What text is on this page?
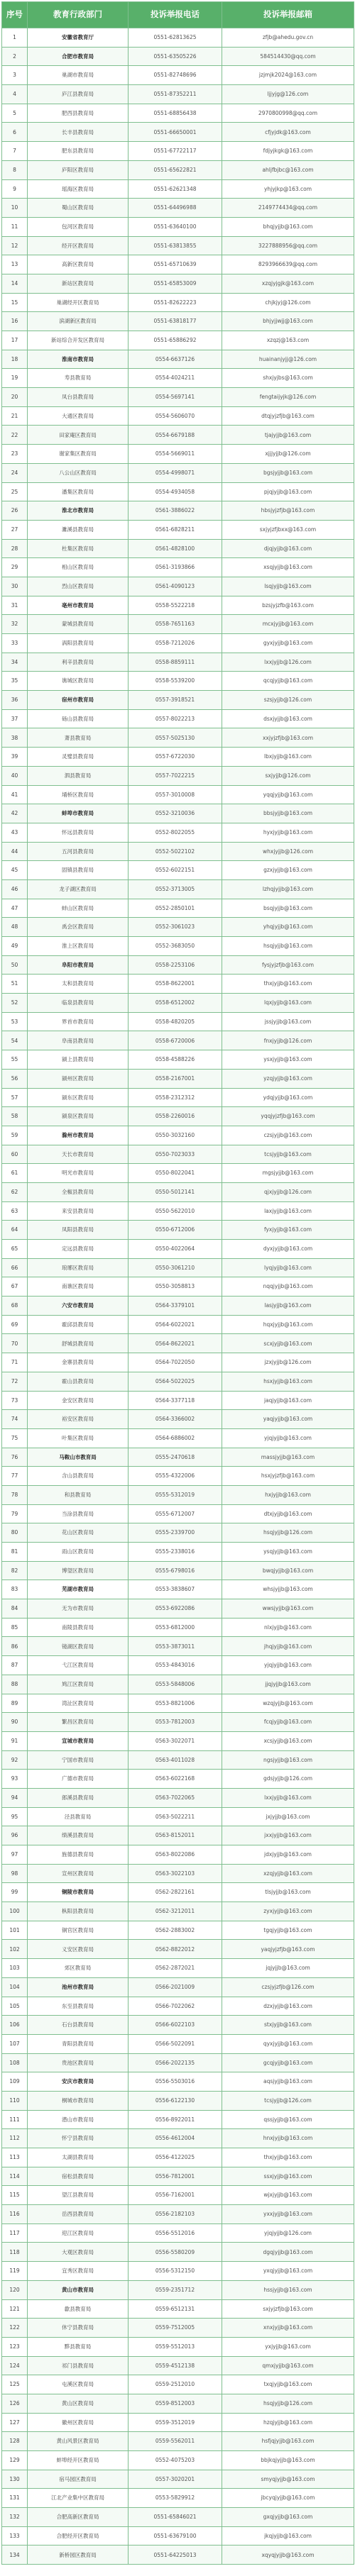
序号	教育行政部门	投诉举报电话	投诉举报邮箱
1	安徽省教育厅	0551-62813625	zfjb@ahedu.gov.cn
2	合肥市教育局	0551-63505226	584514430@qq.com
3	巢湖市教育局	0551-82748696	jzjmjk2024@163.com
4	庐江县教育局	0551-87352211	ljjyjg@126.com
5	肥西县教育局	0551-68856438	2970800998@qq.com
6	长丰县教育局	0551-66650001	cfjyjdk@163.com
7	肥东县教育局	0551-67722117	fdjyjkgk@163.com
8	庐阳区教育局	0551-65622821	ahljfbjbc@163.com
9	瑶海区教育局	0551-62621348	yhjyjkp@163.com
10	蜀山区教育局	0551-64496988	2149774434@qq.com
11	包河区教育局	0551-63640100	bhqjyjjb@163.com
12	经开区教育局	0551-63813855	3227888956@qq.com
13	高新区教育局	0551-65710639	8293966639@qq.com
14	新站区教育局	0551-65853009	xzqjyjgjk@163.com
15	巢湖经开区教育局	0551-82622223	chjkjyj@126.com
16	滨湖新区教育局	0551-63818177	bhjyjjwjj@163.com
17	新站综合开发区教育局	0551-65886292	xzqzj@163.com
18	淮南市教育局	0554-6637126	huainanjyjj@126.com
19	寿县教育局	0554-4024211	shxjyjbs@163.com
20	凤台县教育局	0554-5697141	fengtaijyjk@126.com
21	大通区教育局	0554-5606070	dtqjyjzfjb@163.com
22	田家庵区教育局	0554-6679188	tjajyjjb@163.com
23	谢家集区教育局	0554-5669011	xjjjyjjb@126.com
24	八公山区教育局	0554-4998071	bgsjyjjb@163.com
25	潘集区教育局	0554-4934058	pjqjyjjb@163.com
26	淮北市教育局	0561-3886022	hbsjyjzfjb@163.com
27	濉溪县教育局	0561-6828211	sxjyjzfjbxx@163.com
28	杜集区教育局	0561-4828100	djqjyjjb@163.com
29	相山区教育局	0561-3193866	xsqjyjjb@163.com
30	烈山区教育局	0561-4090123	lsqjyjjb@163.com
31	亳州市教育局	0558-5522218	bzsjyjzfb@163.com
32	蒙城县教育局	0558-7651163	mcxjyjjb@163.com
33	涡阳县教育局	0558-7212026	gyxjyjjb@163.com
34	利辛县教育局	0558-8859111	lxxjyjjb@126.com
35	谯城区教育局	0558-5539200	qcqjyjjb@163.com
36	宿州市教育局	0557-3918521	szsjyjjb@126.com
37	砀山县教育局	0557-8022213	dsxjyjjb@163.com
38	萧县教育局	0557-5025130	xxjyjzfjb@163.com
39	灵璧县教育局	0557-6722030	lbxjyjjb@163.com
40	泗县教育局	0557-7022215	sxjyjjb@126.com
41	埇桥区教育局	0557-3010008	yqqjyjjb@163.com
42	蚌埠市教育局	0552-3210036	bbsjyjjb@163.com
43	怀远县教育局	0552-8022055	hyxjyjjb@163.com
44	五河县教育局	0552-5022102	whxjyjjb@126.com
45	固镇县教育局	0552-6022151	gzxjyjjb@163.com
46	龙子湖区教育局	0552-3713005	lzhqjyjjb@163.com
47	蚌山区教育局	0552-2850101	bsqjyjjb@163.com
48	禹会区教育局	0552-3061023	yhqjyjjb@163.com
49	淮上区教育局	0552-3683050	hsqjyjjb@163.com
50	阜阳市教育局	0558-2253106	fysjyjzfjb@163.com
51	太和县教育局	0558-8622001	thxjyjjb@163.com
52	临泉县教育局	0558-6512002	lqxjyjjb@163.com
53	界首市教育局	0558-4820205	jssjyjjb@163.com
54	阜南县教育局	0558-6720006	fnxjyjjb@126.com
55	颍上县教育局	0558-4588226	ysxjyjjb@163.com
56	颍州区教育局	0558-2167001	yzqjyjjb@163.com
57	颍东区教育局	0558-2312312	ydqjyjjb@163.com
58	颍泉区教育局	0558-2260016	yqqjyjzfjb@163.com
59	滁州市教育局	0550-3032160	czsjyjjb@163.com
60	天长市教育局	0550-7023033	tcsjyjjb@163.com
61	明光市教育局	0550-8022041	mgsjyjjb@163.com
62	全椒县教育局	0550-5012141	qjxjyjjb@126.com
63	来安县教育局	0550-5622010	laxjyjjb@163.com
64	凤阳县教育局	0550-6712006	fyxjyjjb@163.com
65	定远县教育局	0550-4022064	dyxjyjjb@163.com
66	琅琊区教育局	0550-3061210	lyqjyjjb@163.com
67	南谯区教育局	0550-3058813	nqqjyjjb@163.com
68	六安市教育局	0564-3379101	lasjyjjb@163.com
69	霍邱县教育局	0564-6022021	hqxjyjjb@163.com
70	舒城县教育局	0564-8622021	scxjyjjb@163.com
71	金寨县教育局	0564-7022050	jzxjyjjb@126.com
72	霍山县教育局	0564-5022025	hsxjyjjb@163.com
73	金安区教育局	0564-3377118	jaqjyjjb@163.com
74	裕安区教育局	0564-3366002	yaqjyjjb@163.com
75	叶集区教育局	0564-6886002	yjqjyjjb@163.com
76	马鞍山市教育局	0555-2470618	massjyjjb@163.com
77	含山县教育局	0555-4322006	hsxjyjzfjb@163.com
78	和县教育局	0555-5312019	hxjyjjb@163.com
79	当涂县教育局	0555-6712007	dtxjyjjb@163.com
80	花山区教育局	0555-2339700	hsqjyjjb@126.com
81	雨山区教育局	0555-2338016	ysqjyjjb@163.com
82	博望区教育局	0555-6798016	bwqjyjjb@163.com
83	芜湖市教育局	0553-3838607	whsjyjjb@163.com
84	无为市教育局	0553-6922086	wwsjyjjb@163.com
85	南陵县教育局	0553-6812000	nlxjyjjb@163.com
86	镜湖区教育局	0553-3873011	jhqjyjjb@163.com
87	弋江区教育局	0553-4843016	yjqjyjjb@163.com
88	鸠江区教育局	0553-5848006	jjqjyjjb@163.com
89	湾沚区教育局	0553-8821006	wzqjyjjb@163.com
90	繁昌区教育局	0553-7812003	fcqjyjjb@163.com
91	宣城市教育局	0563-3022071	xcsjyjjb@163.com
92	宁国市教育局	0563-4011028	ngsjyjjb@163.com
93	广德市教育局	0563-6022168	gdsjyjjb@126.com
94	郎溪县教育局	0563-7022065	lxxjyjjb@163.com
95	泾县教育局	0563-5022211	jxjyjjb@163.com
96	绩溪县教育局	0563-8152011	jxxjyjjb@163.com
97	旌德县教育局	0563-8022086	jdxjyjjb@163.com
98	宣州区教育局	0563-3022103	xzqjyjjb@163.com
99	铜陵市教育局	0562-2822161	tlsjyjjb@163.com
100	枞阳县教育局	0562-3212011	zyxjyjjb@163.com
101	铜官区教育局	0562-2883002	tgqjyjjb@163.com
102	义安区教育局	0562-8822012	yaqjyjzfjb@163.com
103	郊区教育局	0562-2872021	jqjyjjb@163.com
104	池州市教育局	0566-2021009	czsjyjzfjb@126.com
105	东至县教育局	0566-7022062	dzxjyjjb@163.com
106	石台县教育局	0566-6022103	stxjyjjb@163.com
107	青阳县教育局	0566-5022091	qyxjyjjb@163.com
108	贵池区教育局	0566-2022135	gcqjyjjb@163.com
109	安庆市教育局	0556-5503016	aqsjyjjb@163.com
110	桐城市教育局	0556-6122130	tcsjyjjb@126.com
111	潜山市教育局	0556-8922011	qssjyjjb@163.com
112	怀宁县教育局	0556-4612004	hnxjyjjb@163.com
113	太湖县教育局	0556-4122025	thxjyjjb@163.com
114	宿松县教育局	0556-7812001	ssxjyjjb@163.com
115	望江县教育局	0556-7162001	wjxjyjjb@163.com
116	岳西县教育局	0556-2182103	yxxjyjjb@163.com
117	迎江区教育局	0556-5512016	yjqjyjjb@126.com
118	大观区教育局	0556-5580209	dgqjyjjb@163.com
119	宜秀区教育局	0556-5312150	yxqjyjjb@163.com
120	黄山市教育局	0559-2351712	hssjyjjb@163.com
121	歙县教育局	0559-6512131	sxjyjzfjb@163.com
122	休宁县教育局	0559-7512005	xnxjyjjb@163.com
123	黟县教育局	0559-5512013	yxjyjjb@163.com
124	祁门县教育局	0559-4512138	qmxjyjjb@163.com
125	屯溪区教育局	0559-2512010	txqjyjjb@163.com
126	黄山区教育局	0559-8512003	hsqjyjjb@126.com
127	徽州区教育局	0559-3512019	hzqjyjjb@163.com
128	黄山风景区教育局	0559-5562011	hsfjqjyjjb@163.com
129	蚌埠经开区教育局	0552-4075203	bbjkqjyjjb@163.com
130	宿马园区教育局	0557-3020201	smyqjyjjb@163.com
131	江北产业集中区教育局	0553-5829912	jbcyqjyjjb@163.com
132	合肥高新区教育局	0551-65846021	gxqjyjjb@163.com
133	合肥经开区教育局	0551-63679100	jkqjyjjb@163.com
134	新桥园区教育局	0551-64225013	xqyqjyjjb@163.com
